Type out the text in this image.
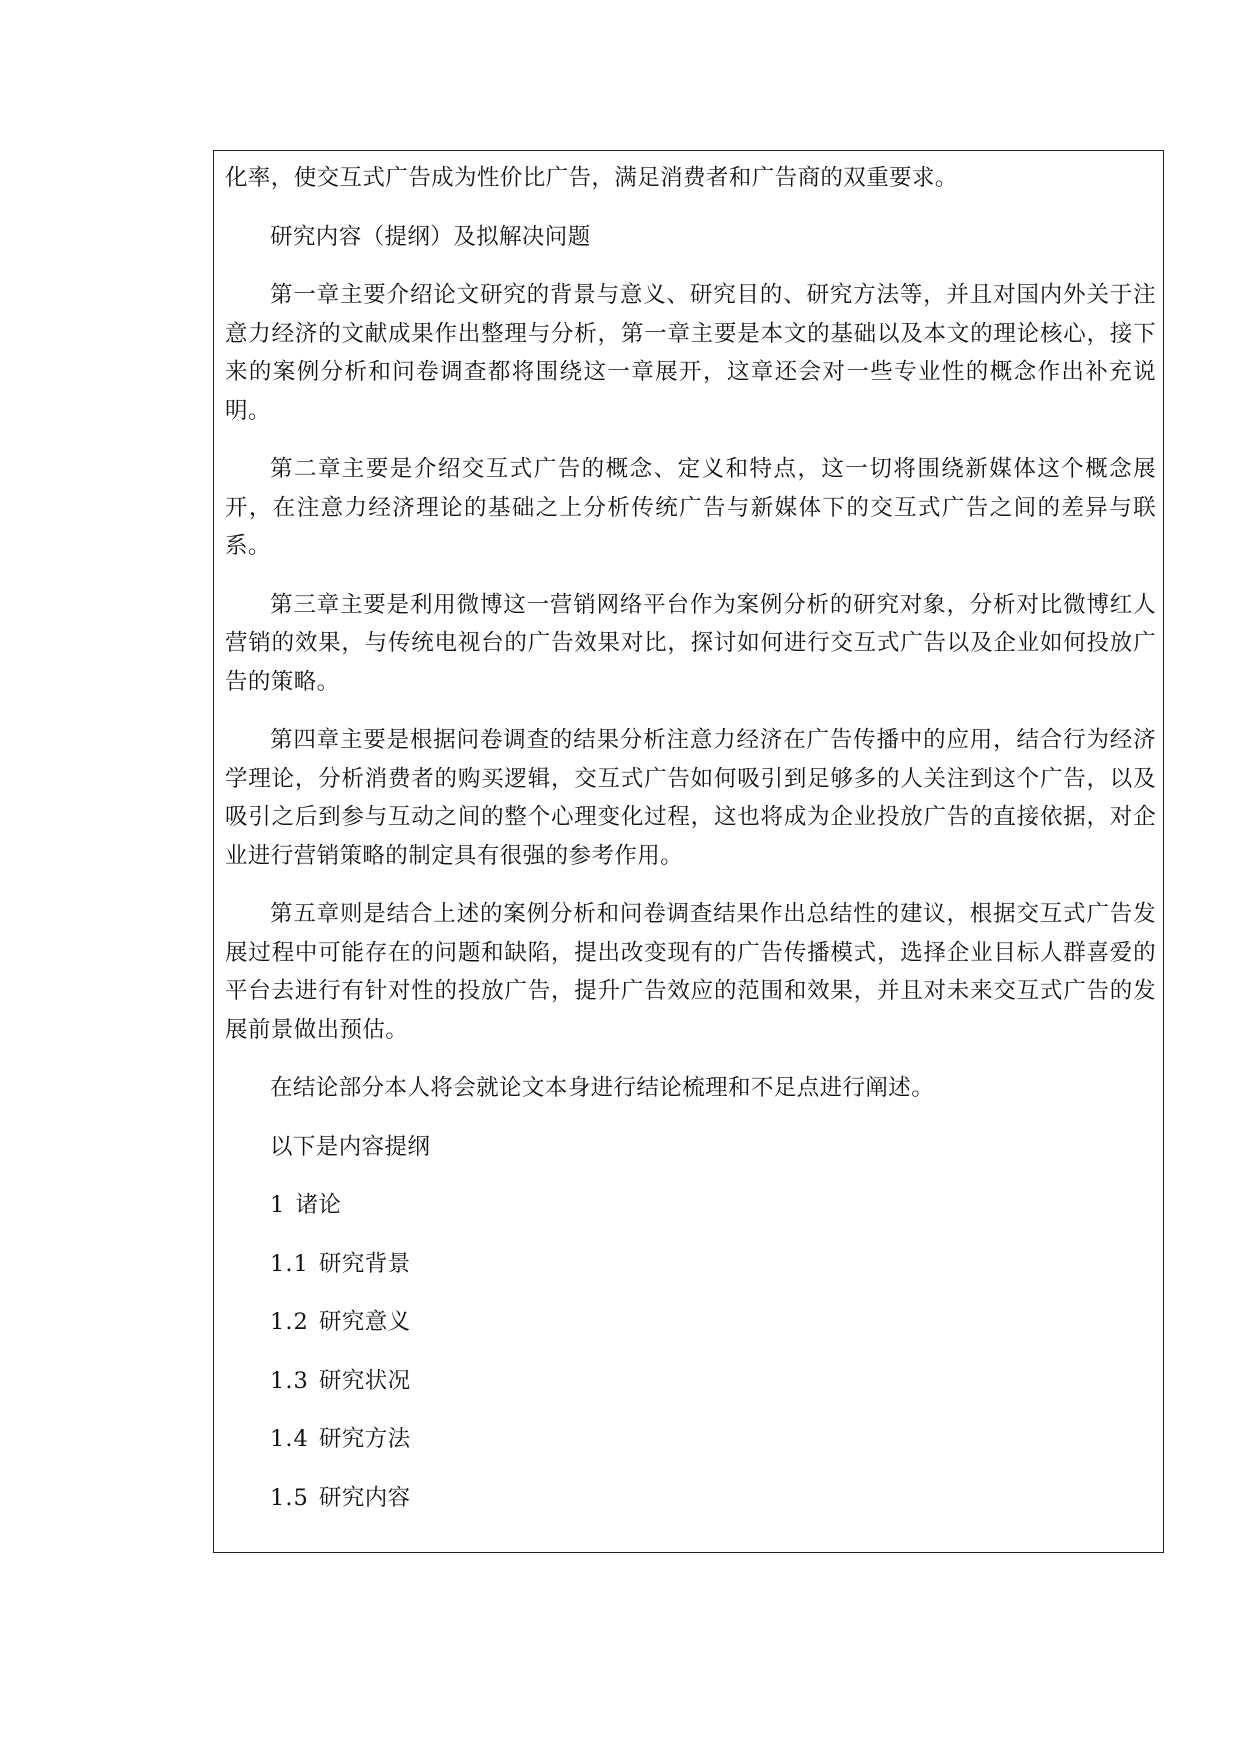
化率，使交互式广告成为性价比广告，满足消费者和广告商的双重要求。

研究内容（提纲）及拟解决问题

第一章主要介绍论文研究的背景与意义、研究目的、研究方法等，并且对国内外关于注意力经济的文献成果作出整理与分析，第一章主要是本文的基础以及本文的理论核心，接下来的案例分析和问卷调查都将围绕这一章展开，这章还会对一些专业性的概念作出补充说明。

第二章主要是介绍交互式广告的概念、定义和特点，这一切将围绕新媒体这个概念展开，在注意力经济理论的基础之上分析传统广告与新媒体下的交互式广告之间的差异与联系。

第三章主要是利用微博这一营销网络平台作为案例分析的研究对象，分析对比微博红人营销的效果，与传统电视台的广告效果对比，探讨如何进行交互式广告以及企业如何投放广告的策略。

第四章主要是根据问卷调查的结果分析注意力经济在广告传播中的应用，结合行为经济学理论，分析消费者的购买逻辑，交互式广告如何吸引到足够多的人关注到这个广告，以及吸引之后到参与互动之间的整个心理变化过程，这也将成为企业投放广告的直接依据，对企业进行营销策略的制定具有很强的参考作用。

第五章则是结合上述的案例分析和问卷调查结果作出总结性的建议，根据交互式广告发展过程中可能存在的问题和缺陷，提出改变现有的广告传播模式，选择企业目标人群喜爱的平台去进行有针对性的投放广告，提升广告效应的范围和效果，并且对未来交互式广告的发展前景做出预估。

在结论部分本人将会就论文本身进行结论梳理和不足点进行阐述。

以下是内容提纲

1 诸论

1.1 研究背景

1.2 研究意义

1.3 研究状况

1.4 研究方法

1.5 研究内容
